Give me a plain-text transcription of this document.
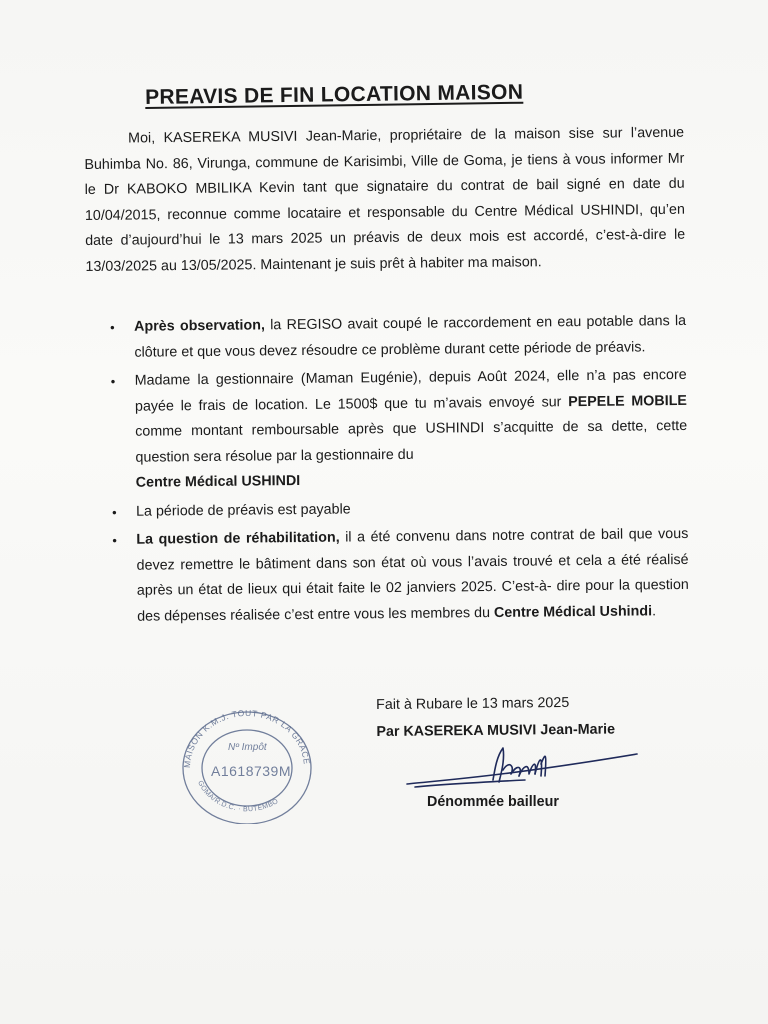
PREAVIS DE FIN LOCATION MAISON

Moi, KASEREKA MUSIVI Jean-Marie, propriétaire de la maison sise sur l’avenue Buhimba No. 86, Virunga, commune de Karisimbi, Ville de Goma, je tiens à vous informer Mr le Dr KABOKO MBILIKA Kevin tant que signataire du contrat de bail signé en date du 10/04/2015, reconnue comme locataire et responsable du Centre Médical USHINDI, qu’en date d’aujourd’hui le 13 mars 2025 un préavis de deux mois est accordé, c’est-à-dire le 13/03/2025 au 13/05/2025. Maintenant je suis prêt à habiter ma maison.

• Après observation, la REGISO avait coupé le raccordement en eau potable dans la clôture et que vous devez résoudre ce problème durant cette période de préavis.
• Madame la gestionnaire (Maman Eugénie), depuis Août 2024, elle n’a pas encore payée le frais de location. Le 1500$ que tu m’avais envoyé sur PEPELE MOBILE comme montant remboursable après que USHINDI s’acquitte de sa dette, cette question sera résolue par la gestionnaire du
Centre Médical USHINDI
• La période de préavis est payable
• La question de réhabilitation, il a été convenu dans notre contrat de bail que vous devez remettre le bâtiment dans son état où vous l’avais trouvé et cela a été réalisé après un état de lieux qui était faite le 02 janviers 2025. C’est-à- dire pour la question des dépenses réalisée c’est entre vous les membres du Centre Médical Ushindi.
Fait à Rubare le 13 mars 2025
Par KASEREKA MUSIVI Jean-Marie
Dénommée bailleur
MAISON K.M.J. TOUT PAR LA GRACE
GOMA/R.D.C. · BUTEMBO
Nº Impôt
A1618739M
